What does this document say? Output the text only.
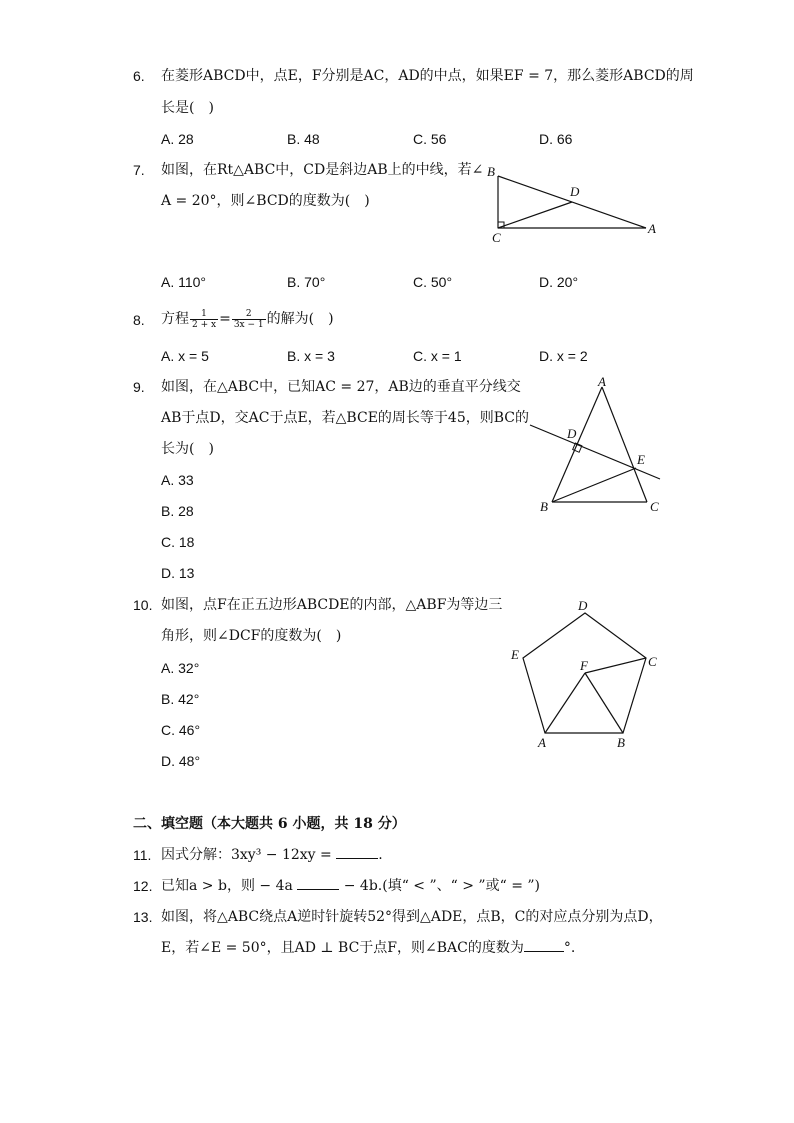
6. 在菱形ABCD中，点E，F分别是AC，AD的中点，如果EF = 7，那么菱形ABCD的周
长是(　)
A. 28	B. 48	C. 56	D. 66
7. 如图，在Rt△ABC中，CD是斜边AB上的中线，若∠
A = 20°，则∠BCD的度数为(　)
B
D
C
A
A. 110°	B. 70°	C. 50°	D. 20°
8. 方程 $\frac{1}{2 + x} = \frac{2}{3x - 1}$ 的解为(　)
A. x = 5	B. x = 3	C. x = 1	D. x = 2
9. 如图，在△ABC中，已知AC = 27，AB边的垂直平分线交
AB于点D，交AC于点E，若△BCE的周长等于45，则BC的
长为(　)
A. 33
B. 28
C. 18
D. 13
A
D
E
B	C
10. 如图，点F在正五边形ABCDE的内部，△ABF为等边三
角形，则∠DCF的度数为(　)
A. 32°
B. 42°
C. 46°
D. 48°
D
E
F	C
A	B
二、填空题（本大题共 6 小题，共 18 分）
11. 因式分解：3xy³ − 12xy =	.
12. 已知a > b，则 − 4a	− 4b.(填“ < ”、“ > ”或“ = ”)
13. 如图，将△ABC绕点A逆时针旋转52°得到△ADE，点B，C的对应点分别为点D，
E，若∠E = 50°，且AD ⊥ BC于点F，则∠BAC的度数为	°.
